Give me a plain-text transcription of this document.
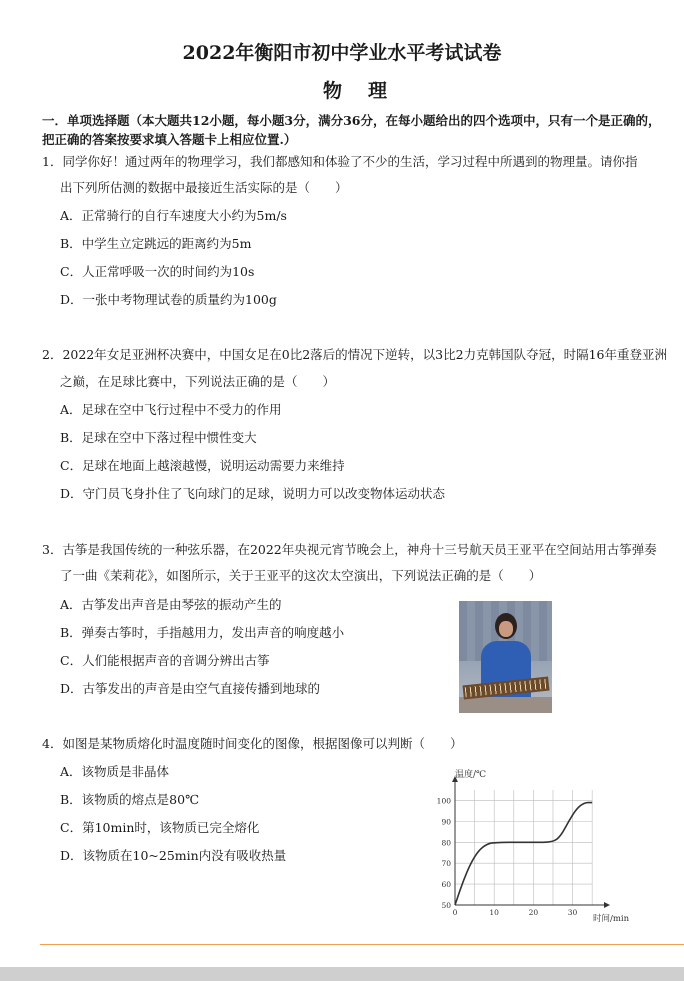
2022年衡阳市初中学业水平考试试卷
物理
一．单项选择题（本大题共12小题，每小题3分，满分36分，在每小题给出的四个选项中，只有一个是正确的，
把正确的答案按要求填入答题卡上相应位置.）
1．同学你好！通过两年的物理学习，我们都感知和体验了不少的生活，学习过程中所遇到的物理量。请你指
出下列所估测的数据中最接近生活实际的是（　　）
A．正常骑行的自行车速度大小约为5m/s
B．中学生立定跳远的距离约为5m
C．人正常呼吸一次的时间约为10s
D．一张中考物理试卷的质量约为100g
2．2022年女足亚洲杯决赛中，中国女足在0比2落后的情况下逆转，以3比2力克韩国队夺冠，时隔16年重登亚洲
之巅，在足球比赛中，下列说法正确的是（　　）
A．足球在空中飞行过程中不受力的作用
B．足球在空中下落过程中惯性变大
C．足球在地面上越滚越慢，说明运动需要力来维持
D．守门员飞身扑住了飞向球门的足球，说明力可以改变物体运动状态
3．古筝是我国传统的一种弦乐器，在2022年央视元宵节晚会上，神舟十三号航天员王亚平在空间站用古筝弹奏
了一曲《茉莉花》，如图所示，关于王亚平的这次太空演出，下列说法正确的是（　　）
A．古筝发出声音是由琴弦的振动产生的
B．弹奏古筝时，手指越用力，发出声音的响度越小
C．人们能根据声音的音调分辨出古筝
D．古筝发出的声音是由空气直接传播到地球的
4．如图是某物质熔化时温度随时间变化的图像，根据图像可以判断（　　）
A．该物质是非晶体
B．该物质的熔点是80℃
C．第10min时，该物质已完全熔化
D．该物质在10~25min内没有吸收热量
50
60
70
80
90
100
0	10	20	30
温度/℃
时间/min
